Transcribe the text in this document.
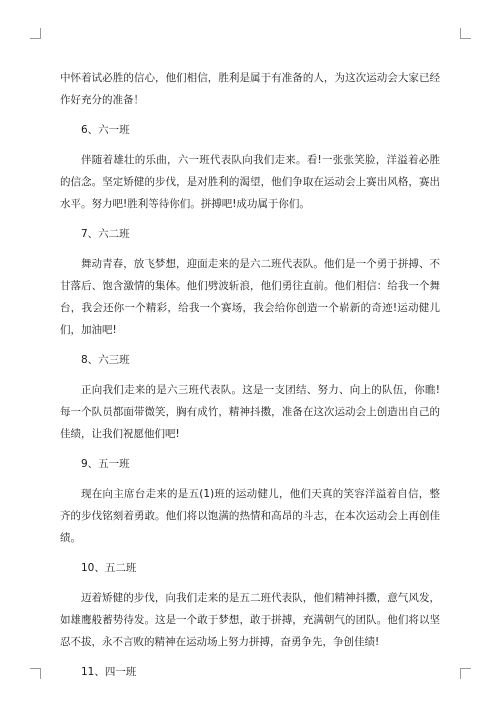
中怀着试必胜的信心，他们相信，胜利是属于有准备的人，为这次运动会大家已经作好充分的准备！

6、六一班

伴随着雄壮的乐曲，六一班代表队向我们走来。看!一张张笑脸，洋溢着必胜的信念。坚定矫健的步伐，是对胜利的渴望，他们争取在运动会上赛出风格，赛出水平。努力吧!胜利等待你们。拼搏吧!成功属于你们。

7、六二班

舞动青春，放飞梦想，迎面走来的是六二班代表队。他们是一个勇于拼搏、不甘落后、饱含激情的集体。他们劈波斩浪，他们勇往直前。他们相信：给我一个舞台，我会还你一个精彩，给我一个赛场，我会给你创造一个崭新的奇迹!运动健儿们，加油吧!

8、六三班

正向我们走来的是六三班代表队。这是一支团结、努力、向上的队伍，你瞧!每一个队员都面带微笑，胸有成竹，精神抖擞，准备在这次运动会上创造出自己的佳绩，让我们祝愿他们吧!

9、五一班

现在向主席台走来的是五(1)班的运动健儿，他们天真的笑容洋溢着自信，整齐的步伐铭刻着勇敢。他们将以饱满的热情和高昂的斗志，在本次运动会上再创佳绩。

10、五二班

迈着矫健的步伐，向我们走来的是五二班代表队，他们精神抖擞，意气风发，如雄鹰般蓄势待发。这是一个敢于梦想，敢于拼搏，充满朝气的团队。他们将以坚忍不拔，永不言败的精神在运动场上努力拼搏，奋勇争先，争创佳绩!

11、四一班
